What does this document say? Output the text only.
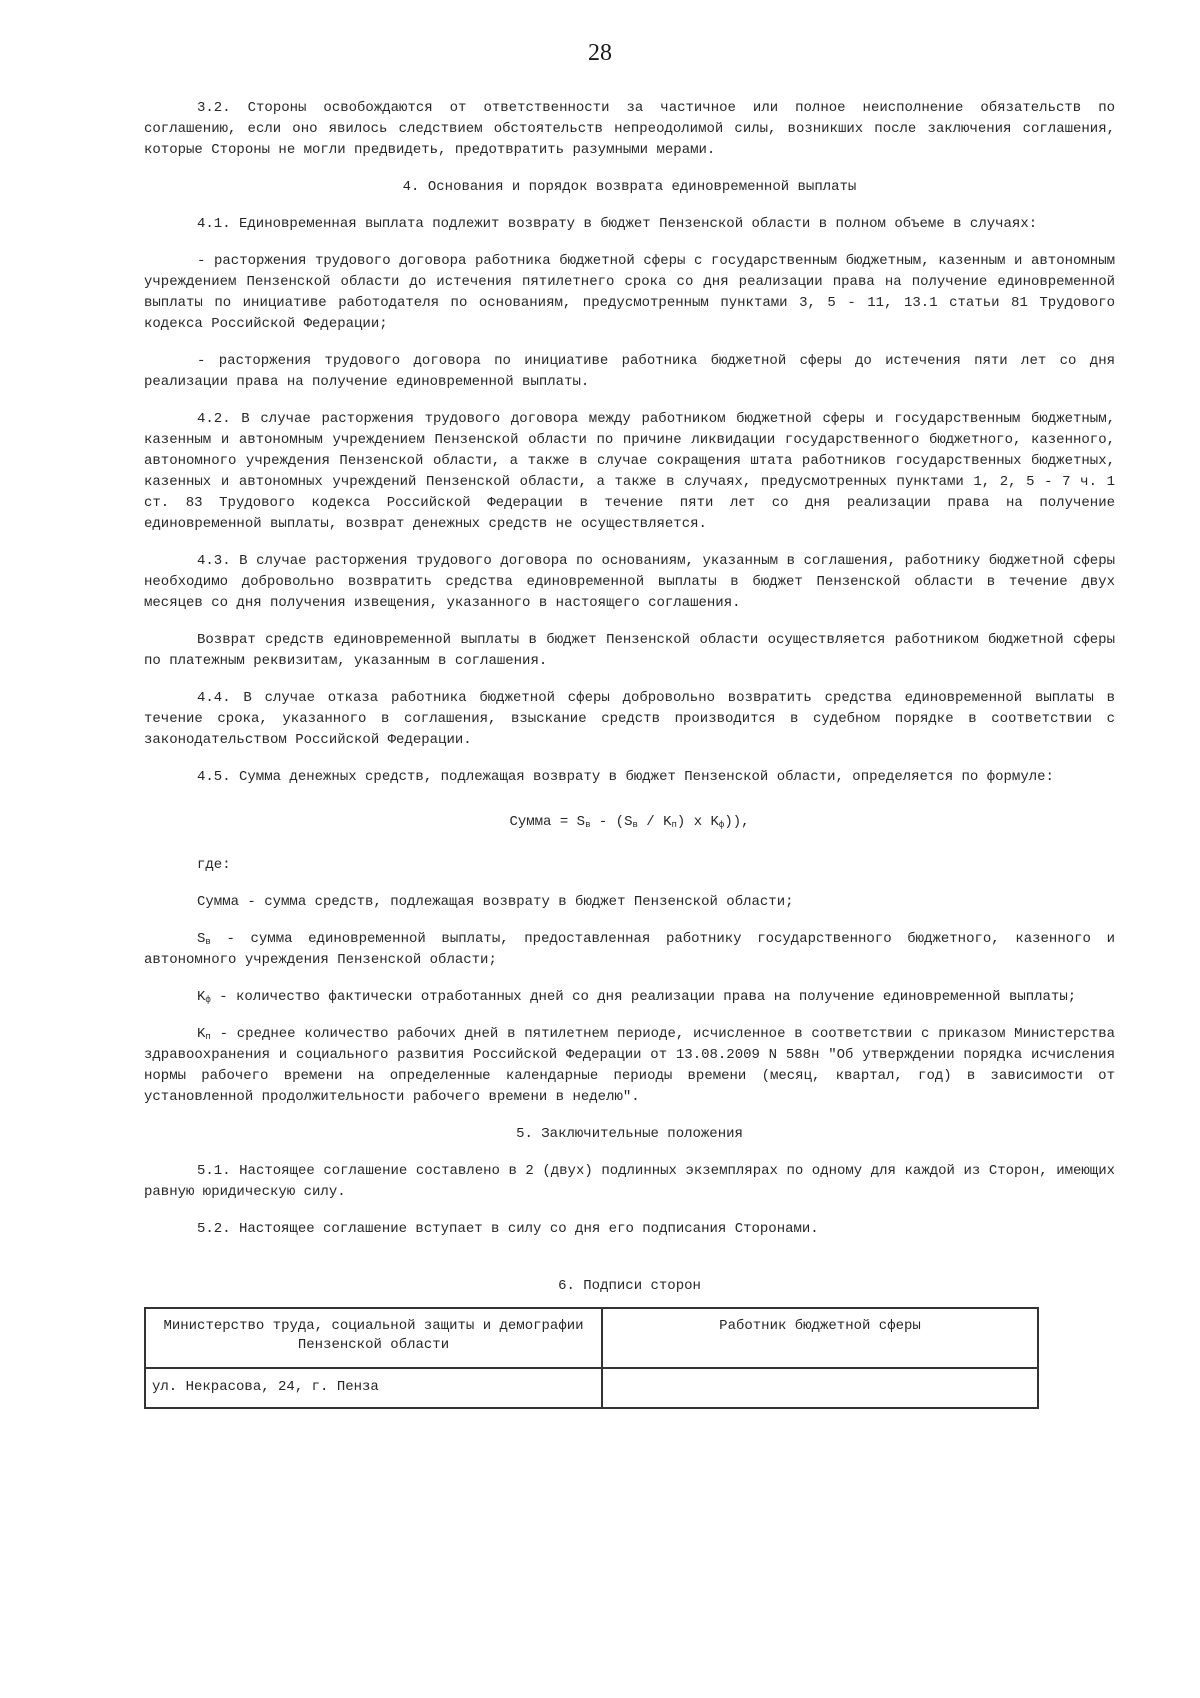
28

3.2. Стороны освобождаются от ответственности за частичное или полное неисполнение обязательств по соглашению, если оно явилось следствием обстоятельств непреодолимой силы, возникших после заключения соглашения, которые Стороны не могли предвидеть, предотвратить разумными мерами.

4. Основания и порядок возврата единовременной выплаты

4.1. Единовременная выплата подлежит возврату в бюджет Пензенской области в полном объеме в случаях:

- расторжения трудового договора работника бюджетной сферы с государственным бюджетным, казенным и автономным учреждением Пензенской области до истечения пятилетнего срока со дня реализации права на получение единовременной выплаты по инициативе работодателя по основаниям, предусмотренным пунктами 3, 5 - 11, 13.1 статьи 81 Трудового кодекса Российской Федерации;

- расторжения трудового договора по инициативе работника бюджетной сферы до истечения пяти лет со дня реализации права на получение единовременной выплаты.

4.2. В случае расторжения трудового договора между работником бюджетной сферы и государственным бюджетным, казенным и автономным учреждением Пензенской области по причине ликвидации государственного бюджетного, казенного, автономного учреждения Пензенской области, а также в случае сокращения штата работников государственных бюджетных, казенных и автономных учреждений Пензенской области, а также в случаях, предусмотренных пунктами 1, 2, 5 - 7 ч. 1 ст. 83 Трудового кодекса Российской Федерации в течение пяти лет со дня реализации права на получение единовременной выплаты, возврат денежных средств не осуществляется.

4.3. В случае расторжения трудового договора по основаниям, указанным в соглашения, работнику бюджетной сферы необходимо добровольно возвратить средства единовременной выплаты в бюджет Пензенской области в течение двух месяцев со дня получения извещения, указанного в настоящего соглашения.

Возврат средств единовременной выплаты в бюджет Пензенской области осуществляется работником бюджетной сферы по платежным реквизитам, указанным в соглашения.

4.4. В случае отказа работника бюджетной сферы добровольно возвратить средства единовременной выплаты в течение срока, указанного в соглашения, взыскание средств производится в судебном порядке в соответствии с законодательством Российской Федерации.

4.5. Сумма денежных средств, подлежащая возврату в бюджет Пензенской области, определяется по формуле:

Сумма = $S_в - (S_в / K_п)$ x $K_ф$)),

где:

Сумма - сумма средств, подлежащая возврату в бюджет Пензенской области;

$S_в$ - сумма единовременной выплаты, предоставленная работнику государственного бюджетного, казенного и автономного учреждения Пензенской области;

$K_ф$ - количество фактически отработанных дней со дня реализации права на получение единовременной выплаты;

$K_п$ - среднее количество рабочих дней в пятилетнем периоде, исчисленное в соответствии с приказом Министерства здравоохранения и социального развития Российской Федерации от 13.08.2009 N 588н "Об утверждении порядка исчисления нормы рабочего времени на определенные календарные периоды времени (месяц, квартал, год) в зависимости от установленной продолжительности рабочего времени в неделю".

5. Заключительные положения

5.1. Настоящее соглашение составлено в 2 (двух) подлинных экземплярах по одному для каждой из Сторон, имеющих равную юридическую силу.

5.2. Настоящее соглашение вступает в силу со дня его подписания Сторонами.

6. Подписи сторон
Министерство труда, социальной защиты и демографии Пензенской области	Работник бюджетной сферы
ул. Некрасова, 24, г. Пенза	
